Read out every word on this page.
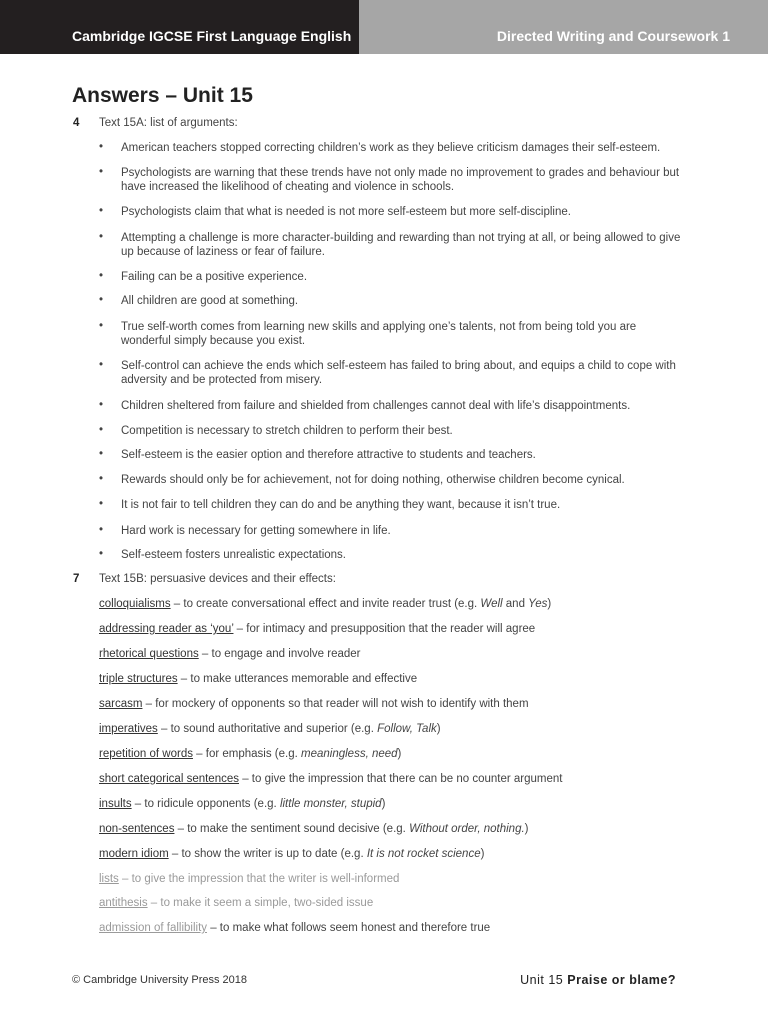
Cambridge IGCSE First Language English	Directed Writing and Coursework 1
Answers – Unit 15
4 Text 15A: list of arguments:
• American teachers stopped correcting children’s work as they believe criticism damages their self-esteem.
• Psychologists are warning that these trends have not only made no improvement to grades and behaviour but have increased the likelihood of cheating and violence in schools.
• Psychologists claim that what is needed is not more self-esteem but more self-discipline.
• Attempting a challenge is more character-building and rewarding than not trying at all, or being allowed to give up because of laziness or fear of failure.
• Failing can be a positive experience.
• All children are good at something.
• True self-worth comes from learning new skills and applying one’s talents, not from being told you are wonderful simply because you exist.
• Self-control can achieve the ends which self-esteem has failed to bring about, and equips a child to cope with adversity and be protected from misery.
• Children sheltered from failure and shielded from challenges cannot deal with life’s disappointments.
• Competition is necessary to stretch children to perform their best.
• Self-esteem is the easier option and therefore attractive to students and teachers.
• Rewards should only be for achievement, not for doing nothing, otherwise children become cynical.
• It is not fair to tell children they can do and be anything they want, because it isn’t true.
• Hard work is necessary for getting somewhere in life.
• Self-esteem fosters unrealistic expectations.
7 Text 15B: persuasive devices and their effects:
colloquialisms – to create conversational effect and invite reader trust (e.g. Well and Yes)
addressing reader as ‘you’ – for intimacy and presupposition that the reader will agree
rhetorical questions – to engage and involve reader
triple structures – to make utterances memorable and effective
sarcasm – for mockery of opponents so that reader will not wish to identify with them
imperatives – to sound authoritative and superior (e.g. Follow, Talk)
repetition of words – for emphasis (e.g. meaningless, need)
short categorical sentences – to give the impression that there can be no counter argument
insults – to ridicule opponents (e.g. little monster, stupid)
non-sentences – to make the sentiment sound decisive (e.g. Without order, nothing.)
modern idiom – to show the writer is up to date (e.g. It is not rocket science)
lists – to give the impression that the writer is well-informed
antithesis – to make it seem a simple, two-sided issue
admission of fallibility – to make what follows seem honest and therefore true
© Cambridge University Press 2018	Unit 15 Praise or blame?
